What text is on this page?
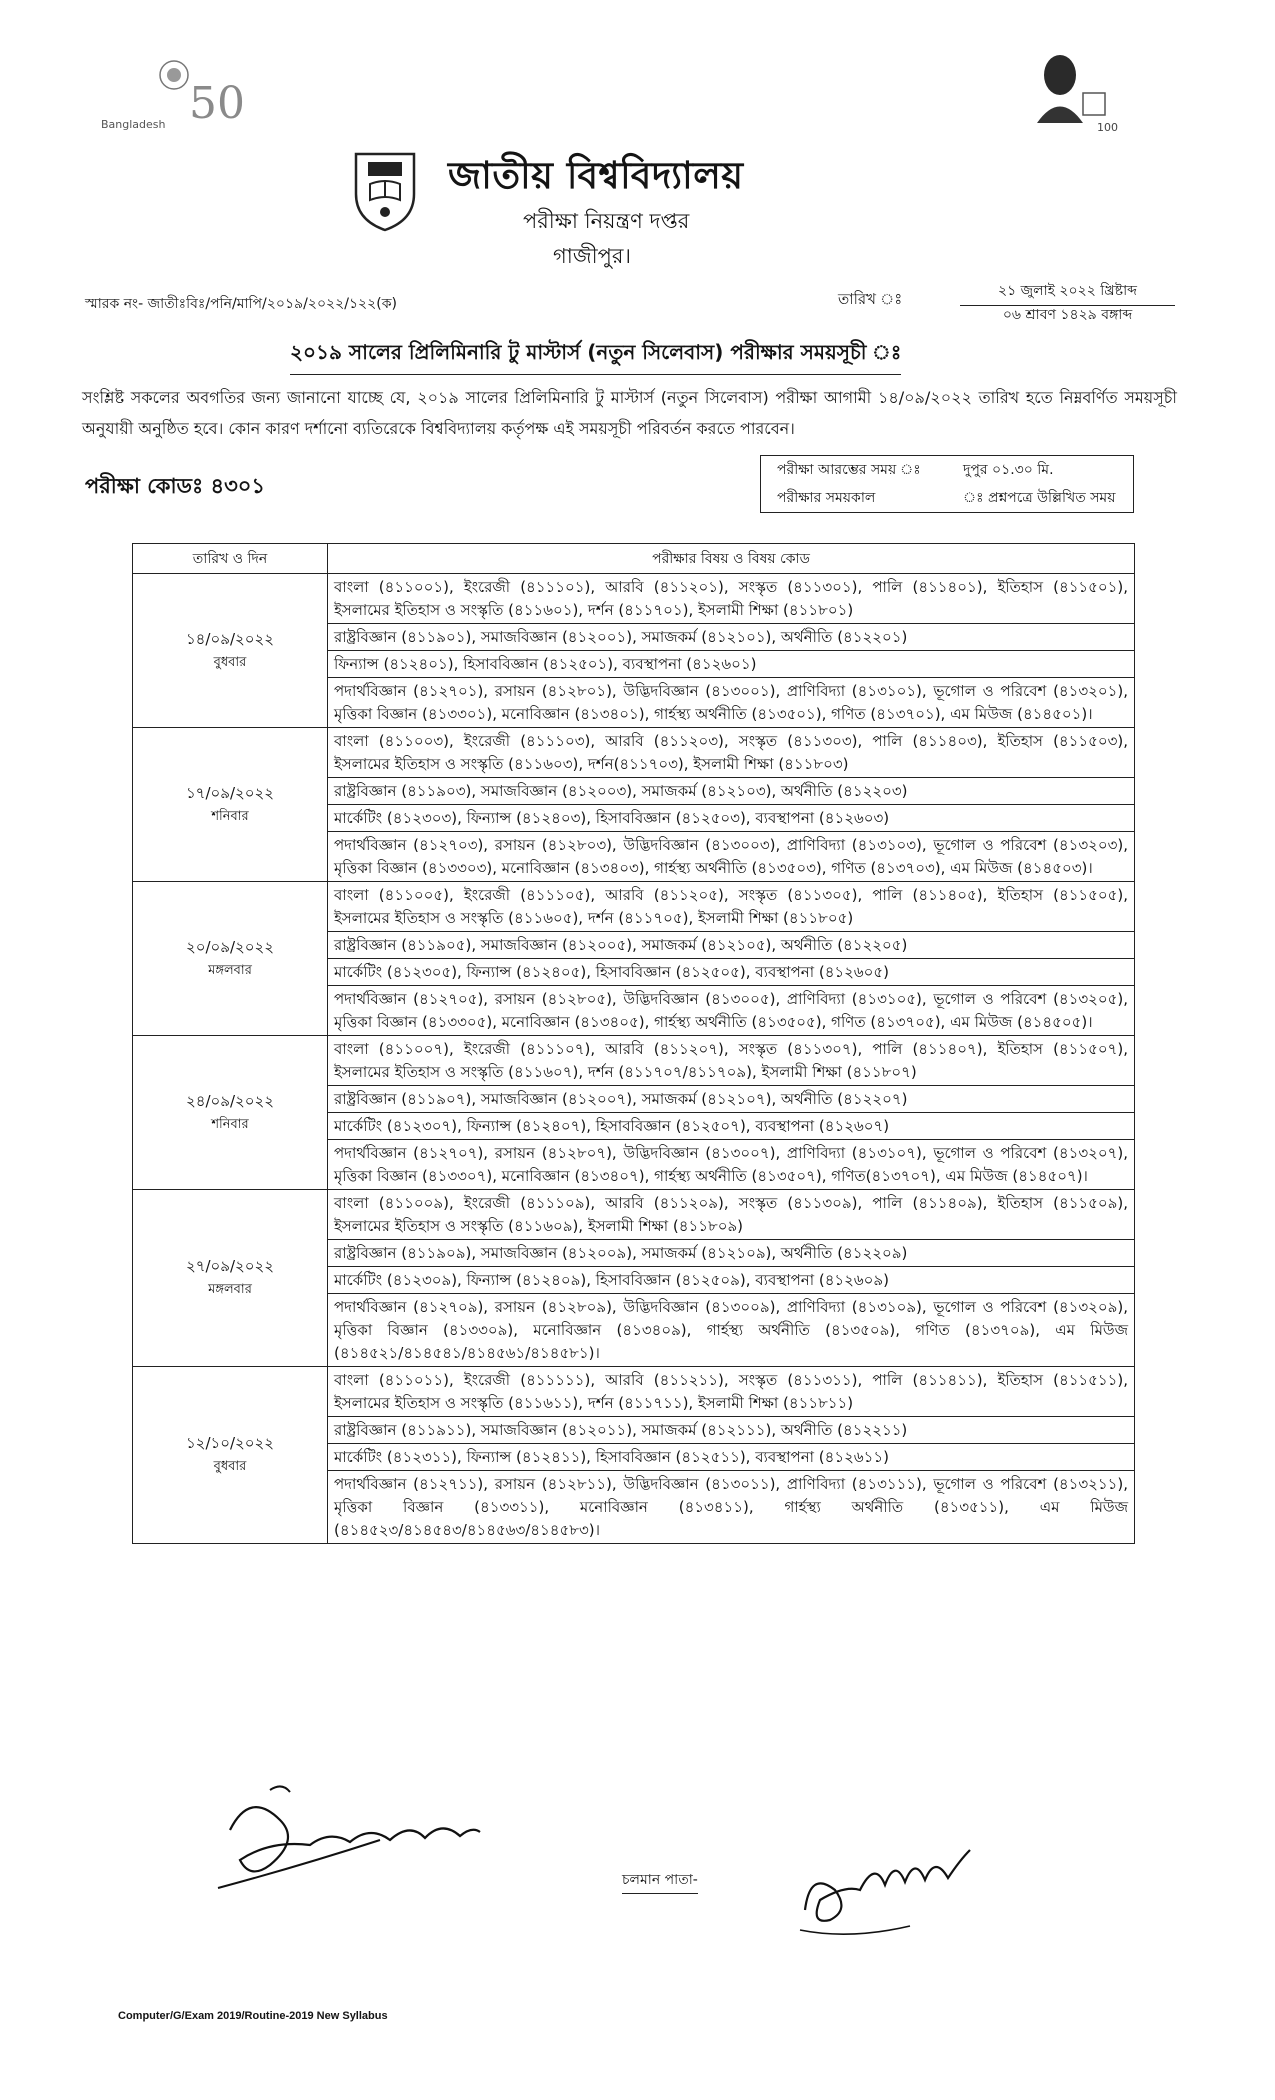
50
Bangladesh	100
জাতীয় বিশ্ববিদ্যালয়
পরীক্ষা নিয়ন্ত্রণ দপ্তর
গাজীপুর।
স্মারক নং- জাতীঃবিঃ/পনি/মাপি/২০১৯/২০২২/১২২(ক)	তারিখ ঃ	২১ জুলাই ২০২২ খ্রিষ্টাব্দ
০৬ শ্রাবণ ১৪২৯ বঙ্গাব্দ
২০১৯ সালের প্রিলিমিনারি টু মাস্টার্স (নতুন সিলেবাস) পরীক্ষার সময়সূচী ঃ
সংশ্লিষ্ট সকলের অবগতির জন্য জানানো যাচ্ছে যে, ২০১৯ সালের প্রিলিমিনারি টু মাস্টার্স (নতুন সিলেবাস) পরীক্ষা আগামী ১৪/০৯/২০২২ তারিখ হতে নিম্নবর্ণিত সময়সূচী অনুযায়ী অনুষ্ঠিত হবে। কোন কারণ দর্শানো ব্যতিরেকে বিশ্ববিদ্যালয় কর্তৃপক্ষ এই সময়সূচী পরিবর্তন করতে পারবেন।
পরীক্ষা কোডঃ ৪৩০১
পরীক্ষা আরম্ভের সময় ঃ	দুপুর ০১.৩০ মি.
পরীক্ষার সময়কাল	ঃ প্রশ্নপত্রে উল্লিখিত সময়
তারিখ ও দিন	পরীক্ষার বিষয় ও বিষয় কোড

১৪/০৯/২০২২
বুধবার	বাংলা (৪১১০০১), ইংরেজী (৪১১১০১), আরবি (৪১১২০১), সংস্কৃত (৪১১৩০১), পালি (৪১১৪০১), ইতিহাস (৪১১৫০১), ইসলামের ইতিহাস ও সংস্কৃতি (৪১১৬০১), দর্শন (৪১১৭০১), ইসলামী শিক্ষা (৪১১৮০১)
	রাষ্ট্রবিজ্ঞান (৪১১৯০১), সমাজবিজ্ঞান (৪১২০০১), সমাজকর্ম (৪১২১০১), অর্থনীতি (৪১২২০১)
	ফিন্যান্স (৪১২৪০১), হিসাববিজ্ঞান (৪১২৫০১), ব্যবস্থাপনা (৪১২৬০১)
	পদার্থবিজ্ঞান (৪১২৭০১), রসায়ন (৪১২৮০১), উদ্ভিদবিজ্ঞান (৪১৩০০১), প্রাণিবিদ্যা (৪১৩১০১), ভূগোল ও পরিবেশ (৪১৩২০১), মৃত্তিকা বিজ্ঞান (৪১৩৩০১), মনোবিজ্ঞান (৪১৩৪০১), গার্হস্থ্য অর্থনীতি (৪১৩৫০১), গণিত (৪১৩৭০১), এম মিউজ (৪১৪৫০১)।

১৭/০৯/২০২২
শনিবার	বাংলা (৪১১০০৩), ইংরেজী (৪১১১০৩), আরবি (৪১১২০৩), সংস্কৃত (৪১১৩০৩), পালি (৪১১৪০৩), ইতিহাস (৪১১৫০৩), ইসলামের ইতিহাস ও সংস্কৃতি (৪১১৬০৩), দর্শন(৪১১৭০৩), ইসলামী শিক্ষা (৪১১৮০৩)
	রাষ্ট্রবিজ্ঞান (৪১১৯০৩), সমাজবিজ্ঞান (৪১২০০৩), সমাজকর্ম (৪১২১০৩), অর্থনীতি (৪১২২০৩)
	মার্কেটিং (৪১২৩০৩), ফিন্যান্স (৪১২৪০৩), হিসাববিজ্ঞান (৪১২৫০৩), ব্যবস্থাপনা (৪১২৬০৩)
	পদার্থবিজ্ঞান (৪১২৭০৩), রসায়ন (৪১২৮০৩), উদ্ভিদবিজ্ঞান (৪১৩০০৩), প্রাণিবিদ্যা (৪১৩১০৩), ভূগোল ও পরিবেশ (৪১৩২০৩), মৃত্তিকা বিজ্ঞান (৪১৩৩০৩), মনোবিজ্ঞান (৪১৩৪০৩), গার্হস্থ্য অর্থনীতি (৪১৩৫০৩), গণিত (৪১৩৭০৩), এম মিউজ (৪১৪৫০৩)।

২০/০৯/২০২২
মঙ্গলবার	বাংলা (৪১১০০৫), ইংরেজী (৪১১১০৫), আরবি (৪১১২০৫), সংস্কৃত (৪১১৩০৫), পালি (৪১১৪০৫), ইতিহাস (৪১১৫০৫), ইসলামের ইতিহাস ও সংস্কৃতি (৪১১৬০৫), দর্শন (৪১১৭০৫), ইসলামী শিক্ষা (৪১১৮০৫)
	রাষ্ট্রবিজ্ঞান (৪১১৯০৫), সমাজবিজ্ঞান (৪১২০০৫), সমাজকর্ম (৪১২১০৫), অর্থনীতি (৪১২২০৫)
	মার্কেটিং (৪১২৩০৫), ফিন্যান্স (৪১২৪০৫), হিসাববিজ্ঞান (৪১২৫০৫), ব্যবস্থাপনা (৪১২৬০৫)
	পদার্থবিজ্ঞান (৪১২৭০৫), রসায়ন (৪১২৮০৫), উদ্ভিদবিজ্ঞান (৪১৩০০৫), প্রাণিবিদ্যা (৪১৩১০৫), ভূগোল ও পরিবেশ (৪১৩২০৫), মৃত্তিকা বিজ্ঞান (৪১৩৩০৫), মনোবিজ্ঞান (৪১৩৪০৫), গার্হস্থ্য অর্থনীতি (৪১৩৫০৫), গণিত (৪১৩৭০৫), এম মিউজ (৪১৪৫০৫)।

২৪/০৯/২০২২
শনিবার	বাংলা (৪১১০০৭), ইংরেজী (৪১১১০৭), আরবি (৪১১২০৭), সংস্কৃত (৪১১৩০৭), পালি (৪১১৪০৭), ইতিহাস (৪১১৫০৭), ইসলামের ইতিহাস ও সংস্কৃতি (৪১১৬০৭), দর্শন (৪১১৭০৭/৪১১৭০৯), ইসলামী শিক্ষা (৪১১৮০৭)
	রাষ্ট্রবিজ্ঞান (৪১১৯০৭), সমাজবিজ্ঞান (৪১২০০৭), সমাজকর্ম (৪১২১০৭), অর্থনীতি (৪১২২০৭)
	মার্কেটিং (৪১২৩০৭), ফিন্যান্স (৪১২৪০৭), হিসাববিজ্ঞান (৪১২৫০৭), ব্যবস্থাপনা (৪১২৬০৭)
	পদার্থবিজ্ঞান (৪১২৭০৭), রসায়ন (৪১২৮০৭), উদ্ভিদবিজ্ঞান (৪১৩০০৭), প্রাণিবিদ্যা (৪১৩১০৭), ভূগোল ও পরিবেশ (৪১৩২০৭), মৃত্তিকা বিজ্ঞান (৪১৩৩০৭), মনোবিজ্ঞান (৪১৩৪০৭), গার্হস্থ্য অর্থনীতি (৪১৩৫০৭), গণিত(৪১৩৭০৭), এম মিউজ (৪১৪৫০৭)।

২৭/০৯/২০২২
মঙ্গলবার	বাংলা (৪১১০০৯), ইংরেজী (৪১১১০৯), আরবি (৪১১২০৯), সংস্কৃত (৪১১৩০৯), পালি (৪১১৪০৯), ইতিহাস (৪১১৫০৯), ইসলামের ইতিহাস ও সংস্কৃতি (৪১১৬০৯), ইসলামী শিক্ষা (৪১১৮০৯)
	রাষ্ট্রবিজ্ঞান (৪১১৯০৯), সমাজবিজ্ঞান (৪১২০০৯), সমাজকর্ম (৪১২১০৯), অর্থনীতি (৪১২২০৯)
	মার্কেটিং (৪১২৩০৯), ফিন্যান্স (৪১২৪০৯), হিসাববিজ্ঞান (৪১২৫০৯), ব্যবস্থাপনা (৪১২৬০৯)
	পদার্থবিজ্ঞান (৪১২৭০৯), রসায়ন (৪১২৮০৯), উদ্ভিদবিজ্ঞান (৪১৩০০৯), প্রাণিবিদ্যা (৪১৩১০৯), ভূগোল ও পরিবেশ (৪১৩২০৯), মৃত্তিকা বিজ্ঞান (৪১৩৩০৯), মনোবিজ্ঞান (৪১৩৪০৯), গার্হস্থ্য অর্থনীতি (৪১৩৫০৯), গণিত (৪১৩৭০৯), এম মিউজ (৪১৪৫২১/৪১৪৫৪১/৪১৪৫৬১/৪১৪৫৮১)।

১২/১০/২০২২
বুধবার	বাংলা (৪১১০১১), ইংরেজী (৪১১১১১), আরবি (৪১১২১১), সংস্কৃত (৪১১৩১১), পালি (৪১১৪১১), ইতিহাস (৪১১৫১১), ইসলামের ইতিহাস ও সংস্কৃতি (৪১১৬১১), দর্শন (৪১১৭১১), ইসলামী শিক্ষা (৪১১৮১১)
	রাষ্ট্রবিজ্ঞান (৪১১৯১১), সমাজবিজ্ঞান (৪১২০১১), সমাজকর্ম (৪১২১১১), অর্থনীতি (৪১২২১১)
	মার্কেটিং (৪১২৩১১), ফিন্যান্স (৪১২৪১১), হিসাববিজ্ঞান (৪১২৫১১), ব্যবস্থাপনা (৪১২৬১১)
	পদার্থবিজ্ঞান (৪১২৭১১), রসায়ন (৪১২৮১১), উদ্ভিদবিজ্ঞান (৪১৩০১১), প্রাণিবিদ্যা (৪১৩১১১), ভূগোল ও পরিবেশ (৪১৩২১১), মৃত্তিকা বিজ্ঞান (৪১৩৩১১), মনোবিজ্ঞান (৪১৩৪১১), গার্হস্থ্য অর্থনীতি (৪১৩৫১১), এম মিউজ (৪১৪৫২৩/৪১৪৫৪৩/৪১৪৫৬৩/৪১৪৫৮৩)।
চলমান পাতা-
Computer/G/Exam 2019/Routine-2019 New Syllabus
